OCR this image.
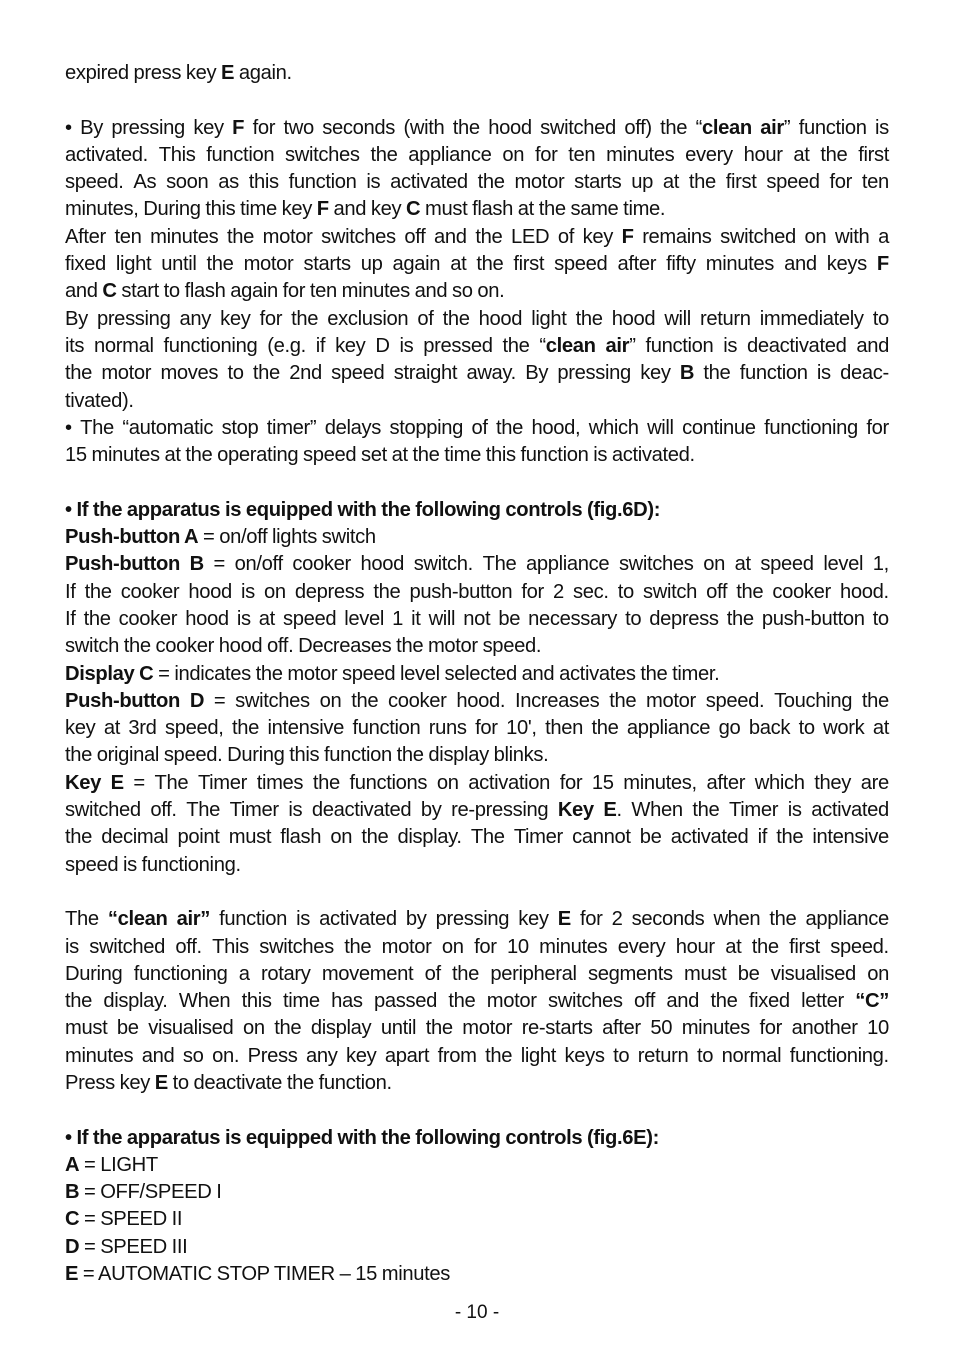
expired press key E again.
• By pressing key F for two seconds (with the hood switched off) the “clean air” function is
activated. This function switches the appliance on for ten minutes every hour at the first
speed. As soon as this function is activated the motor starts up at the first speed for ten
minutes, During this time key F and key C must flash at the same time.
After ten minutes the motor switches off and the LED of key F remains switched on with a
fixed light until the motor starts up again at the first speed after fifty minutes and keys F
and C start to flash again for ten minutes and so on.
By pressing any key for the exclusion of the hood light the hood will return immediately to
its normal functioning (e.g. if key D is pressed the “clean air” function is deactivated and
the motor moves to the 2nd speed straight away. By pressing key B the function is deac-
tivated).
• The “automatic stop timer” delays stopping of the hood, which will continue functioning for
15 minutes at the operating speed set at the time this function is activated.
• If the apparatus is equipped with the following controls (fig.6D):
Push-button A = on/off lights switch
Push-button B = on/off cooker hood switch. The appliance switches on at speed level 1,
If the cooker hood is on depress the push-button for 2 sec. to switch off the cooker hood.
If the cooker hood is at speed level 1 it will not be necessary to depress the push-button to
switch the cooker hood off. Decreases the motor speed.
Display C = indicates the motor speed level selected and activates the timer.
Push-button D = switches on the cooker hood. Increases the motor speed. Touching the
key at 3rd speed, the intensive function runs for 10', then the appliance go back to work at
the original speed. During this function the display blinks.
Key E = The Timer times the functions on activation for 15 minutes, after which they are
switched off. The Timer is deactivated by re-pressing Key E. When the Timer is activated
the decimal point must flash on the display. The Timer cannot be activated if the intensive
speed is functioning.
The “clean air” function is activated by pressing key E for 2 seconds when the appliance
is switched off. This switches the motor on for 10 minutes every hour at the first speed.
During functioning a rotary movement of the peripheral segments must be visualised on
the display. When this time has passed the motor switches off and the fixed letter “C”
must be visualised on the display until the motor re-starts after 50 minutes for another 10
minutes and so on. Press any key apart from the light keys to return to normal functioning.
Press key E to deactivate the function.
• If the apparatus is equipped with the following controls (fig.6E):
A = LIGHT
B = OFF/SPEED I
C = SPEED II
D = SPEED III
E = AUTOMATIC STOP TIMER – 15 minutes
- 10 -
